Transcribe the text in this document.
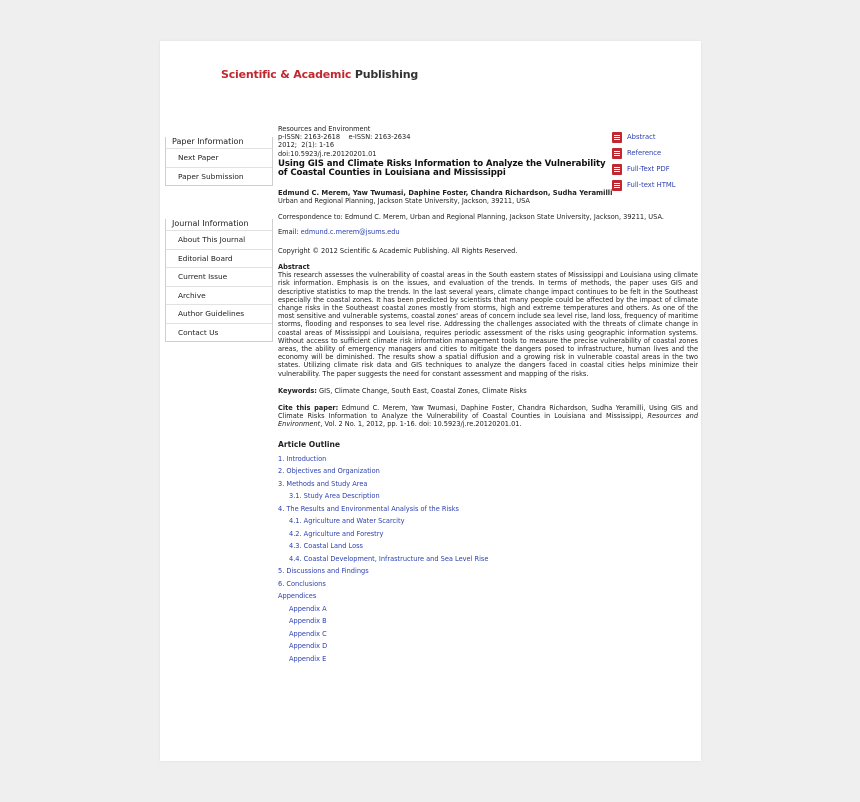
Scientific & Academic Publishing
Paper Information
Next Paper
Paper Submission
Journal Information
About This Journal
Editorial Board
Current Issue
Archive
Author Guidelines
Contact Us
Resources and Environment
p-ISSN: 2163-2618    e-ISSN: 2163-2634
2012;  2(1): 1-16
doi:10.5923/j.re.20120201.01
Using GIS and Climate Risks Information to Analyze the Vulnerability of Coastal Counties in Louisiana and Mississippi
Edmund C. Merem, Yaw Twumasi, Daphine Foster, Chandra Richardson, Sudha Yeramilli
Urban and Regional Planning, Jackson State University, Jackson, 39211, USA
Correspondence to: Edmund C. Merem, Urban and Regional Planning, Jackson State University, Jackson, 39211, USA.
Email: edmund.c.merem@jsums.edu
Copyright © 2012 Scientific & Academic Publishing. All Rights Reserved.
Abstract
This research assesses the vulnerability of coastal areas in the South eastern states of Mississippi and Louisiana using climate risk information. Emphasis is on the issues, and evaluation of the trends. In terms of methods, the paper uses GIS and descriptive statistics to map the trends. In the last several years, climate change impact continues to be felt in the Southeast especially the coastal zones. It has been predicted by scientists that many people could be affected by the impact of climate change risks in the Southeast coastal zones mostly from storms, high and extreme temperatures and others. As one of the most sensitive and vulnerable systems, coastal zones' areas of concern include sea level rise, land loss, frequency of maritime storms, flooding and responses to sea level rise. Addressing the challenges associated with the threats of climate change in coastal areas of Mississippi and Louisiana, requires periodic assessment of the risks using geographic information systems. Without access to sufficient climate risk information management tools to measure the precise vulnerability of coastal zones areas, the ability of emergency managers and cities to mitigate the dangers posed to infrastructure, human lives and the economy will be diminished. The results show a spatial diffusion and a growing risk in vulnerable coastal areas in the two states. Utilizing climate risk data and GIS techniques to analyze the dangers faced in coastal cities helps minimize their vulnerability. The paper suggests the need for constant assessment and mapping of the risks.
Keywords: GIS, Climate Change, South East, Coastal Zones, Climate Risks
Cite this paper: Edmund C. Merem, Yaw Twumasi, Daphine Foster, Chandra Richardson, Sudha Yeramilli, Using GIS and Climate Risks Information to Analyze the Vulnerability of Coastal Counties in Louisiana and Mississippi, Resources and Environment, Vol. 2 No. 1, 2012, pp. 1-16. doi: 10.5923/j.re.20120201.01.
Article Outline
1. Introduction
2. Objectives and Organization
3. Methods and Study Area
3.1. Study Area Description
4. The Results and Environmental Analysis of the Risks
4.1. Agriculture and Water Scarcity
4.2. Agriculture and Forestry
4.3. Coastal Land Loss
4.4. Coastal Development, Infrastructure and Sea Level Rise
5. Discussions and Findings
6. Conclusions
Appendices
Appendix A
Appendix B
Appendix C
Appendix D
Appendix E
Abstract
Reference
Full-Text PDF
Full-text HTML
